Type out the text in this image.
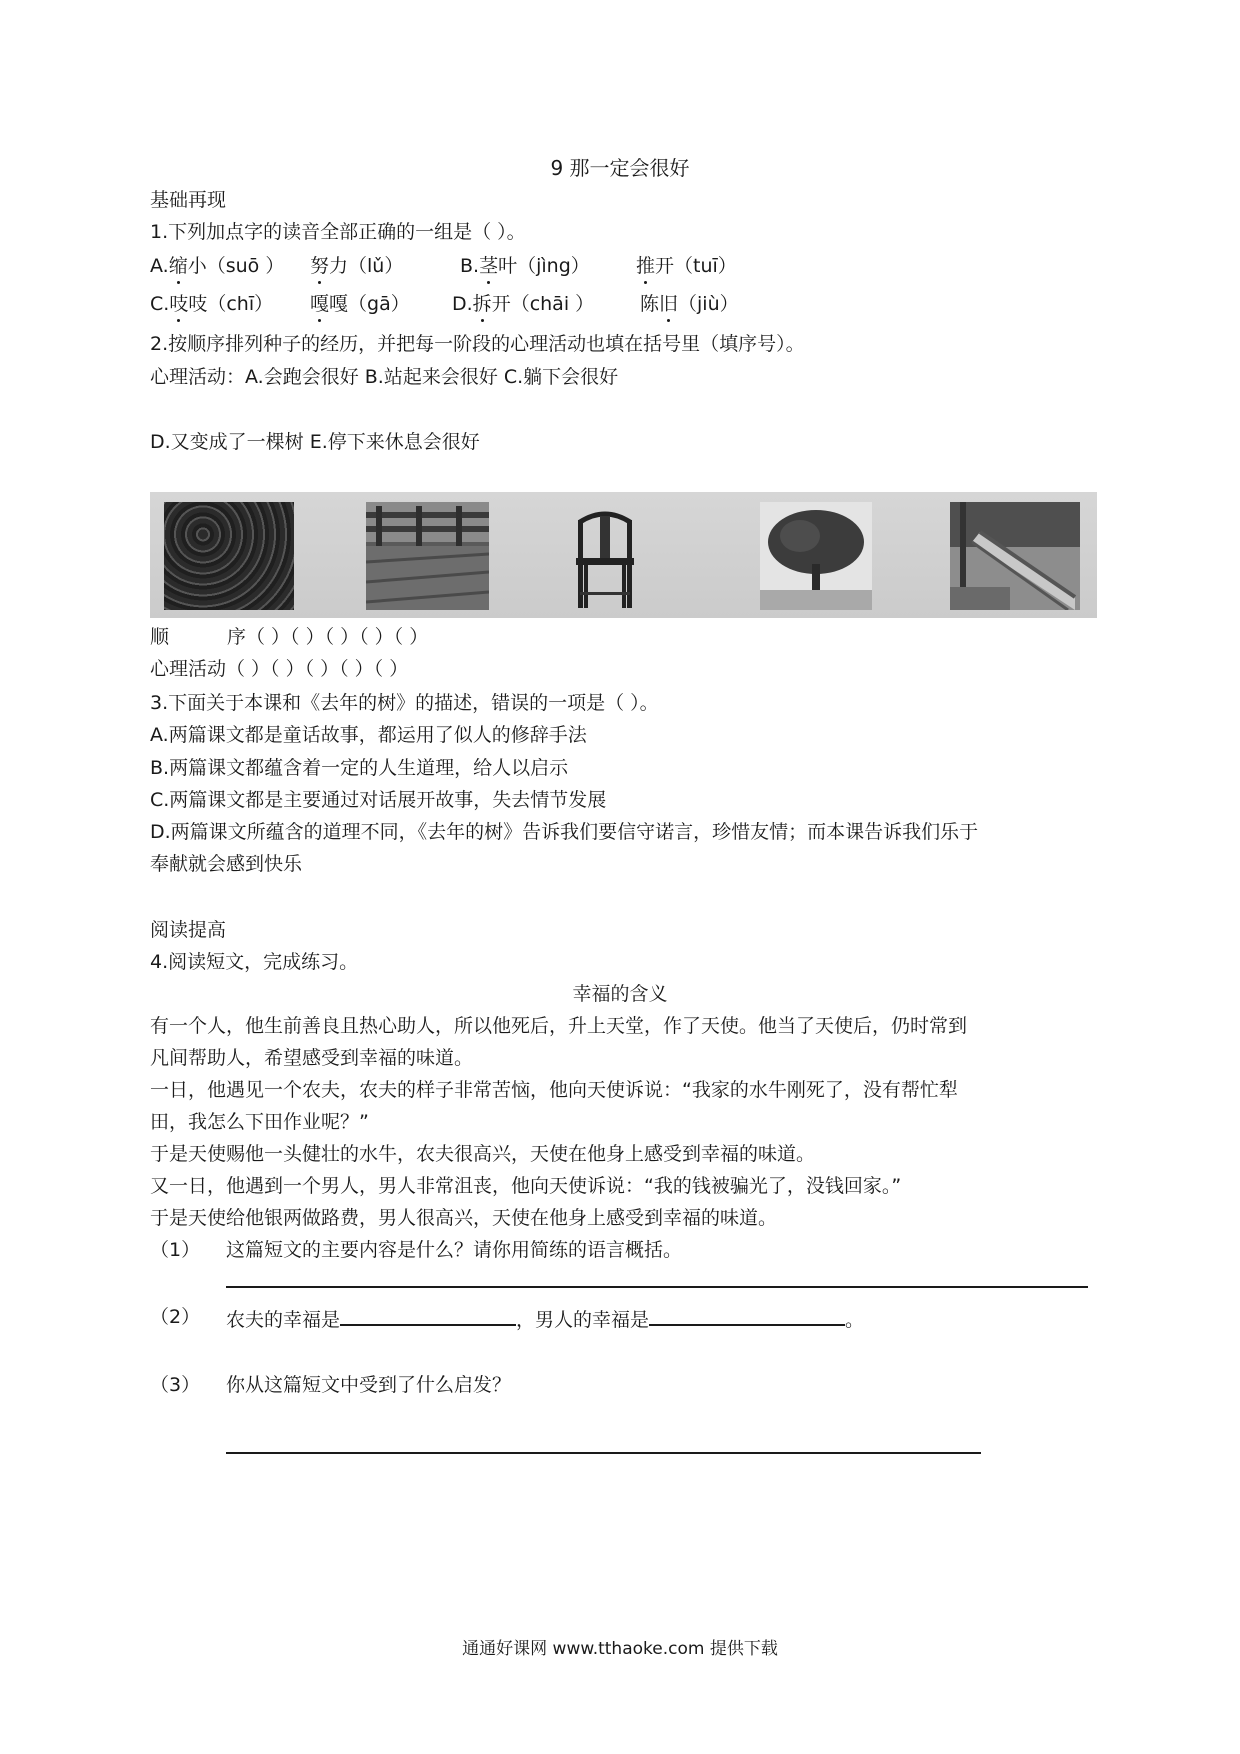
9 那一定会很好
基础再现
1.下列加点字的读音全部正确的一组是（ ）。
A.缩小（suō ） 努力（lǔ）	B.茎叶（jìng） 推开（tuī）
C.吱吱（chī） 嘎嘎（gā） D.拆开（chāi ） 陈旧（jiù）
2.按顺序排列种子的经历，并把每一阶段的心理活动也填在括号里（填序号）。
心理活动：A.会跑会很好 B.站起来会很好 C.躺下会很好
D.又变成了一棵树 E.停下来休息会很好
顺	序（ ）（ ）（ ）（ ）（ ）
心理活动（ ）（ ）（ ）（ ）（ ）
3.下面关于本课和《去年的树》的描述，错误的一项是（ ）。
A.两篇课文都是童话故事，都运用了似人的修辞手法
B.两篇课文都蕴含着一定的人生道理，给人以启示
C.两篇课文都是主要通过对话展开故事，失去情节发展
D.两篇课文所蕴含的道理不同，《去年的树》告诉我们要信守诺言，珍惜友情；而本课告诉我们乐于
奉献就会感到快乐
阅读提高
4.阅读短文，完成练习。
幸福的含义
有一个人，他生前善良且热心助人，所以他死后，升上天堂，作了天使。他当了天使后，仍时常到
凡间帮助人，希望感受到幸福的味道。
一日，他遇见一个农夫，农夫的样子非常苦恼，他向天使诉说：“我家的水牛刚死了，没有帮忙犁
田，我怎么下田作业呢？”
于是天使赐他一头健壮的水牛，农夫很高兴，天使在他身上感受到幸福的味道。
又一日，他遇到一个男人，男人非常沮丧，他向天使诉说：“我的钱被骗光了，没钱回家。”
于是天使给他银两做路费，男人很高兴，天使在他身上感受到幸福的味道。
（1） 这篇短文的主要内容是什么？请你用简练的语言概括。
（2） 农夫的幸福是	，男人的幸福是	。
（3） 你从这篇短文中受到了什么启发？
通通好课网 www.tthaoke.com 提供下载
